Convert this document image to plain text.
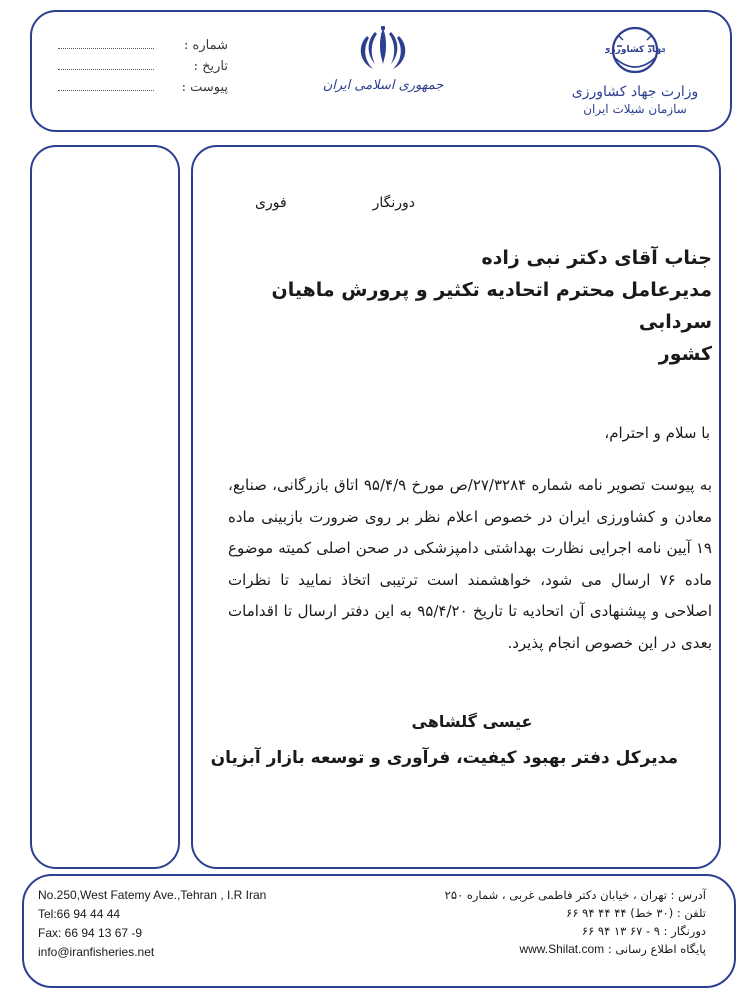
شماره :
تاریخ :
پیوست :	جمهوری اسلامی ایران
جهاد کشاورزی
وزارت جهاد کشاورزی
سازمان شیلات ایران
دورنگار
فوری
جناب آقای دکتر نبی زاده
مدیرعامل محترم اتحادیه تکثیر و پرورش ماهیان سردابی
کشور
با سلام و احترام،
به پیوست تصویر نامه شماره ۲۷/۳۲۸۴/ص مورخ ۹۵/۴/۹ اتاق بازرگانی، صنایع، معادن و کشاورزی ایران در خصوص اعلام نظر بر روی ضرورت بازبینی ماده ۱۹ آیین نامه اجرایی نظارت بهداشتی دامپزشکی در صحن اصلی کمیته موضوع ماده ۷۶ ارسال می شود، خواهشمند است ترتیبی اتخاذ نمایید تا نظرات اصلاحی و پیشنهادی آن اتحادیه تا تاریخ ۹۵/۴/۲۰ به این دفتر ارسال تا اقدامات بعدی در این خصوص انجام پذیرد.
عیسی گلشاهی
مدیرکل دفتر بهبود کیفیت، فرآوری و توسعه بازار آبزیان
No.250,West Fatemy Ave.,Tehran , I.R Iran
Tel:66 94 44 44
Fax: 66 94 13 67 -9
info@iranfisheries.net
آدرس : تهران ، خیابان دکتر فاطمی غربی ، شماره ۲۵۰
تلفن : (۳۰ خط) ۴۴ ۴۴ ۹۴ ۶۶
دورنگار : ۹ - ۶۷ ۱۳ ۹۴ ۶۶
پایگاه اطلاع رسانی : www.Shilat.com
